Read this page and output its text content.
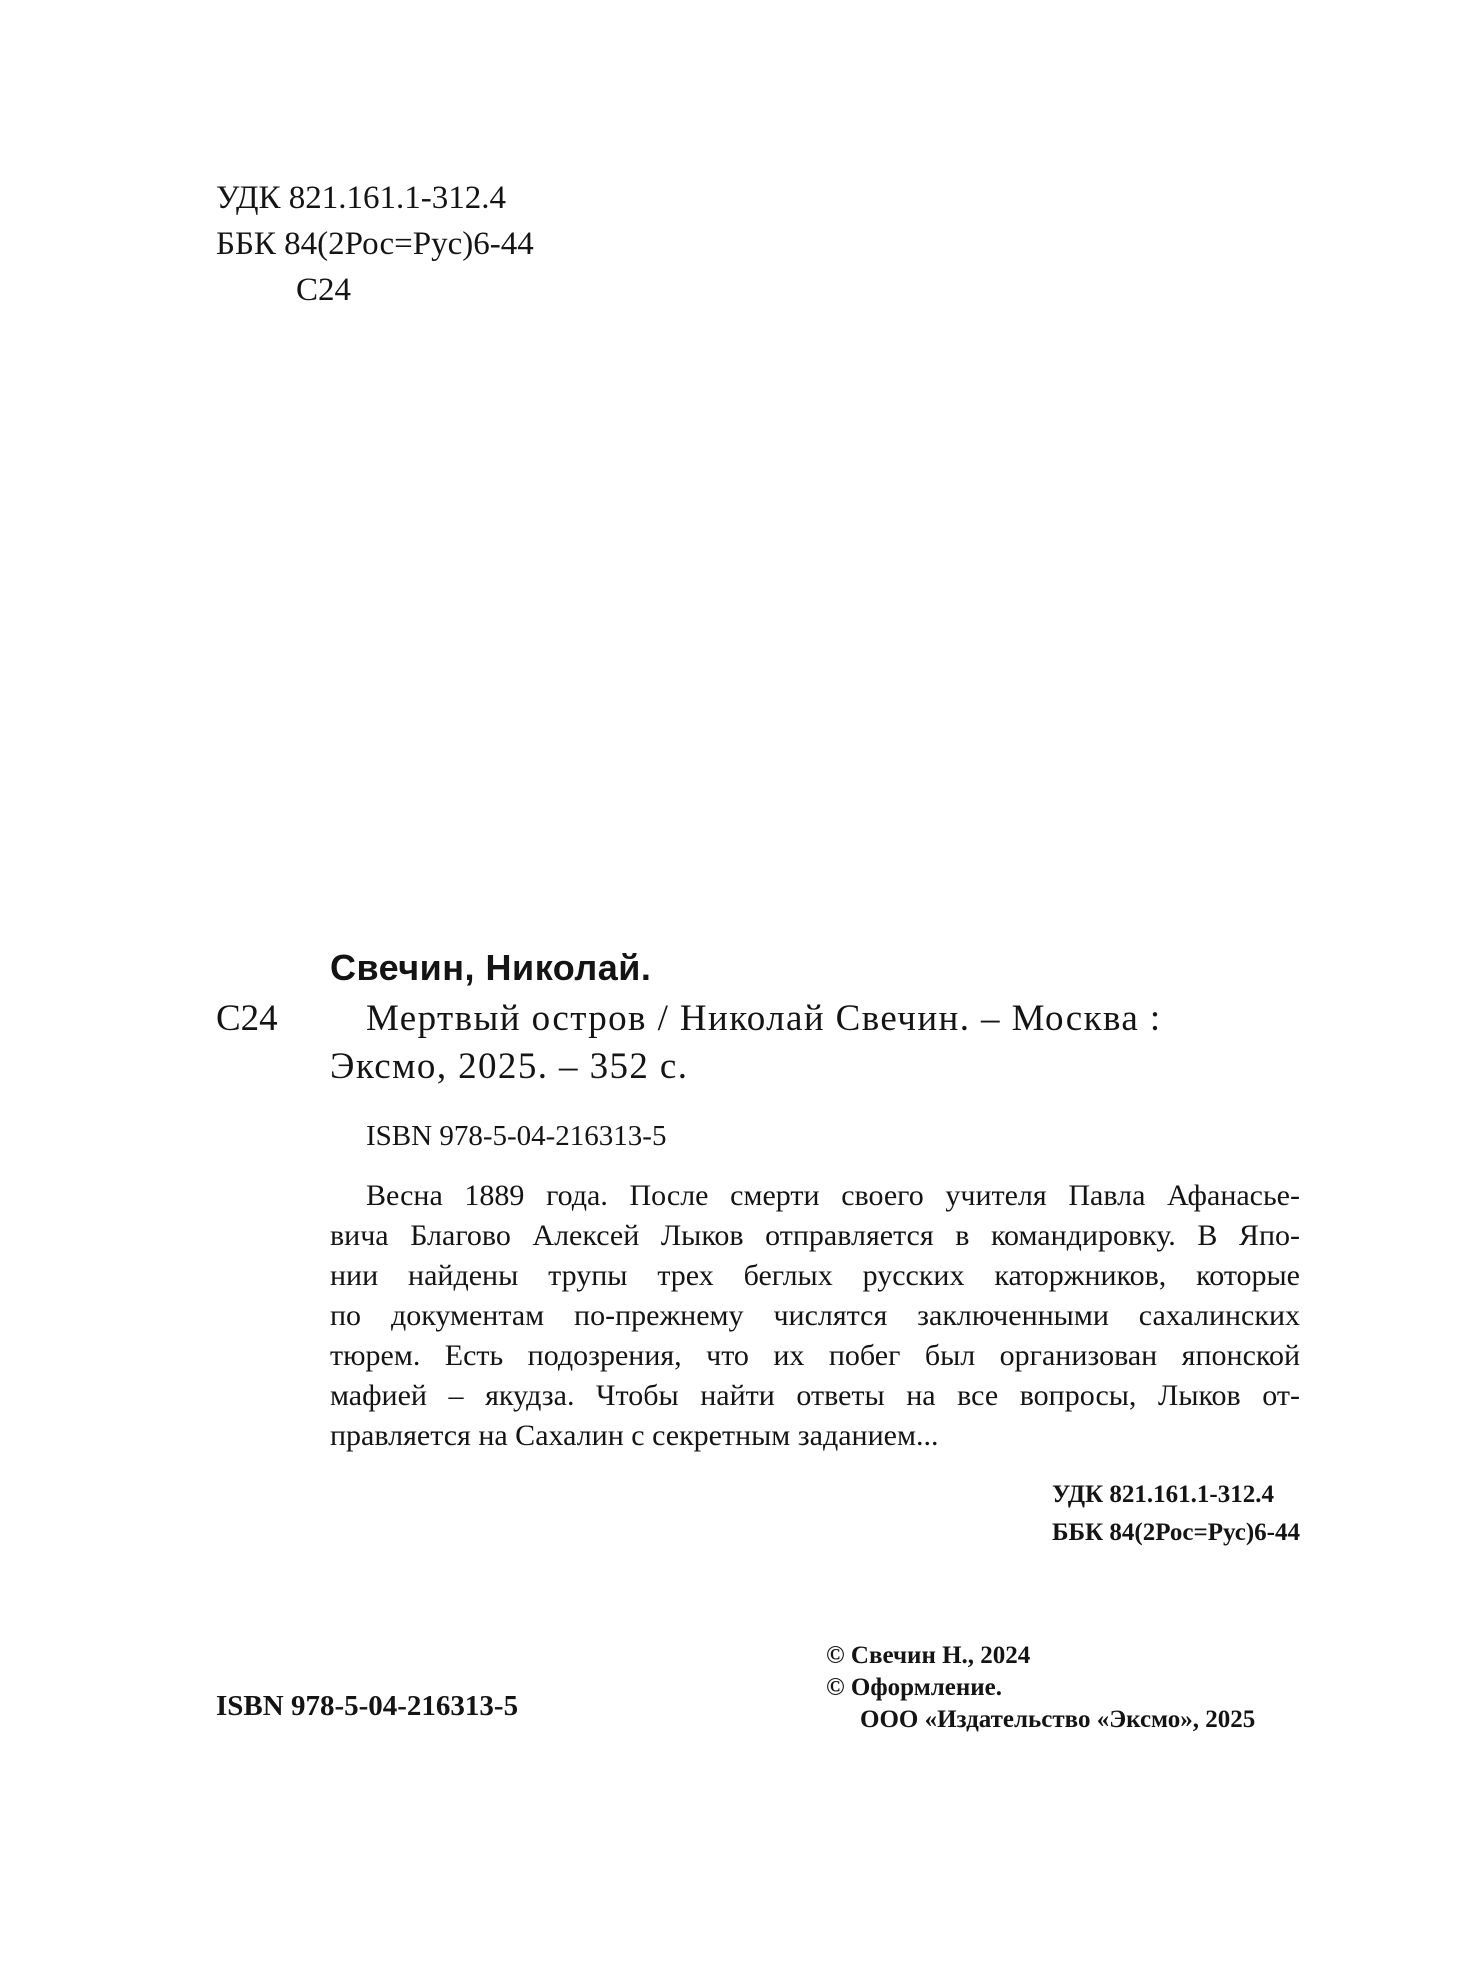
УДК 821.161.1-312.4
ББК 84(2Рос=Рус)6-44
С24
Свечин, Николай.
С24 Мертвый остров / Николай Свечин. – Москва :
Эксмо, 2025. – 352 с.
ISBN 978-5-04-216313-5
Весна 1889 года. После смерти своего учителя Павла Афанасье-
вича Благово Алексей Лыков отправляется в командировку. В Япо-
нии найдены трупы трех беглых русских каторжников, которые
по документам по-прежнему числятся заключенными сахалинских
тюрем. Есть подозрения, что их побег был организован японской
мафией – якудза. Чтобы найти ответы на все вопросы, Лыков от-
правляется на Сахалин с секретным заданием...
УДК 821.161.1-312.4
ББК 84(2Рос=Рус)6-44
ISBN 978-5-04-216313-5
© Свечин Н., 2024
© Оформление.
ООО «Издательство «Эксмо», 2025
